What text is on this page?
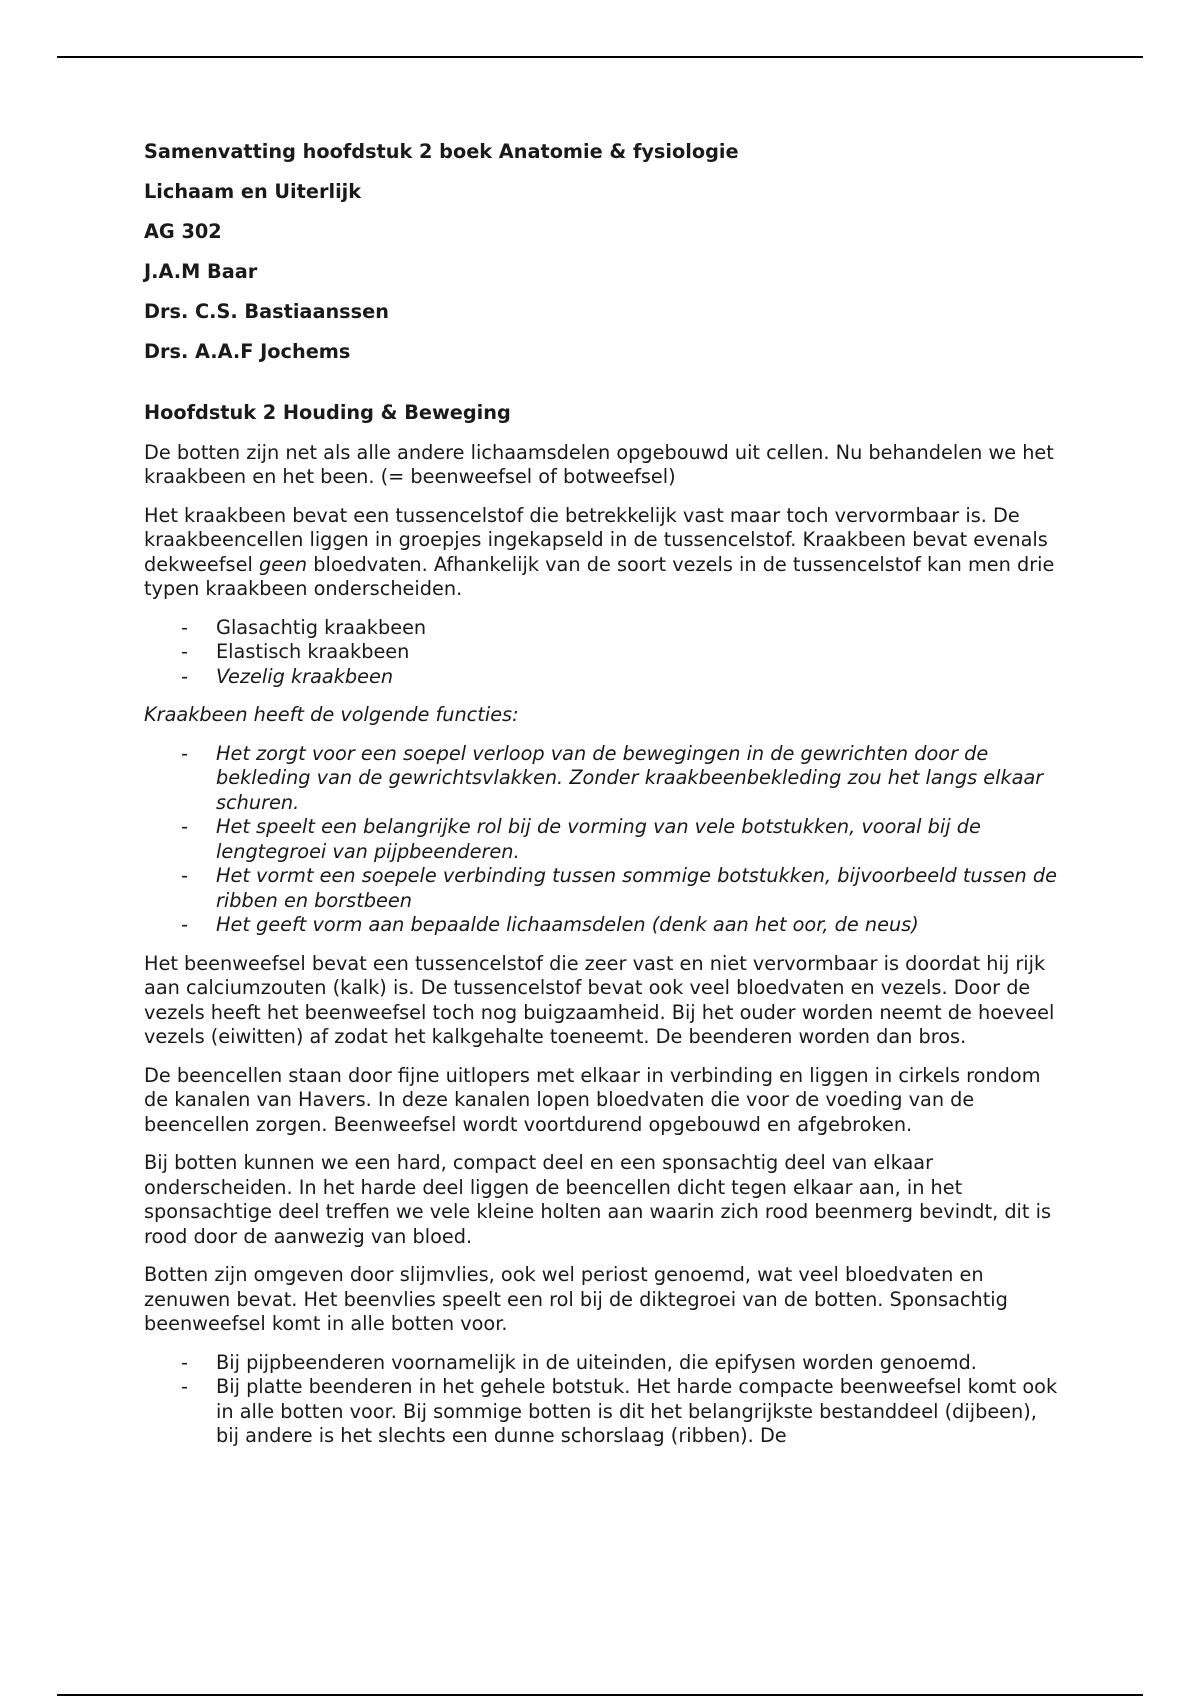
Samenvatting hoofdstuk 2 boek Anatomie & fysiologie
Lichaam en Uiterlijk
AG 302
J.A.M Baar
Drs. C.S. Bastiaanssen
Drs. A.A.F Jochems
Hoofdstuk 2 Houding & Beweging

De botten zijn net als alle andere lichaamsdelen opgebouwd uit cellen. Nu behandelen we het kraakbeen en het been. (= beenweefsel of botweefsel)

Het kraakbeen bevat een tussencelstof die betrekkelijk vast maar toch vervormbaar is. De kraakbeencellen liggen in groepjes ingekapseld in de tussencelstof. Kraakbeen bevat evenals dekweefsel geen bloedvaten. Afhankelijk van de soort vezels in de tussencelstof kan men drie typen kraakbeen onderscheiden.

- Glasachtig kraakbeen
- Elastisch kraakbeen
- Vezelig kraakbeen

Kraakbeen heeft de volgende functies:

- Het zorgt voor een soepel verloop van de bewegingen in de gewrichten door de bekleding van de gewrichtsvlakken. Zonder kraakbeenbekleding zou het langs elkaar schuren.
- Het speelt een belangrijke rol bij de vorming van vele botstukken, vooral bij de lengtegroei van pijpbeenderen.
- Het vormt een soepele verbinding tussen sommige botstukken, bijvoorbeeld tussen de ribben en borstbeen
- Het geeft vorm aan bepaalde lichaamsdelen (denk aan het oor, de neus)

Het beenweefsel bevat een tussencelstof die zeer vast en niet vervormbaar is doordat hij rijk aan calciumzouten (kalk) is. De tussencelstof bevat ook veel bloedvaten en vezels. Door de vezels heeft het beenweefsel toch nog buigzaamheid. Bij het ouder worden neemt de hoeveel vezels (eiwitten) af zodat het kalkgehalte toeneemt. De beenderen worden dan bros.

De beencellen staan door fijne uitlopers met elkaar in verbinding en liggen in cirkels rondom de kanalen van Havers. In deze kanalen lopen bloedvaten die voor de voeding van de beencellen zorgen. Beenweefsel wordt voortdurend opgebouwd en afgebroken.

Bij botten kunnen we een hard, compact deel en een sponsachtig deel van elkaar onderscheiden. In het harde deel liggen de beencellen dicht tegen elkaar aan, in het sponsachtige deel treffen we vele kleine holten aan waarin zich rood beenmerg bevindt, dit is rood door de aanwezig van bloed.

Botten zijn omgeven door slijmvlies, ook wel periost genoemd, wat veel bloedvaten en zenuwen bevat. Het beenvlies speelt een rol bij de diktegroei van de botten. Sponsachtig beenweefsel komt in alle botten voor.

- Bij pijpbeenderen voornamelijk in de uiteinden, die epifysen worden genoemd.
- Bij platte beenderen in het gehele botstuk. Het harde compacte beenweefsel komt ook in alle botten voor. Bij sommige botten is dit het belangrijkste bestanddeel (dijbeen), bij andere is het slechts een dunne schorslaag (ribben). De
